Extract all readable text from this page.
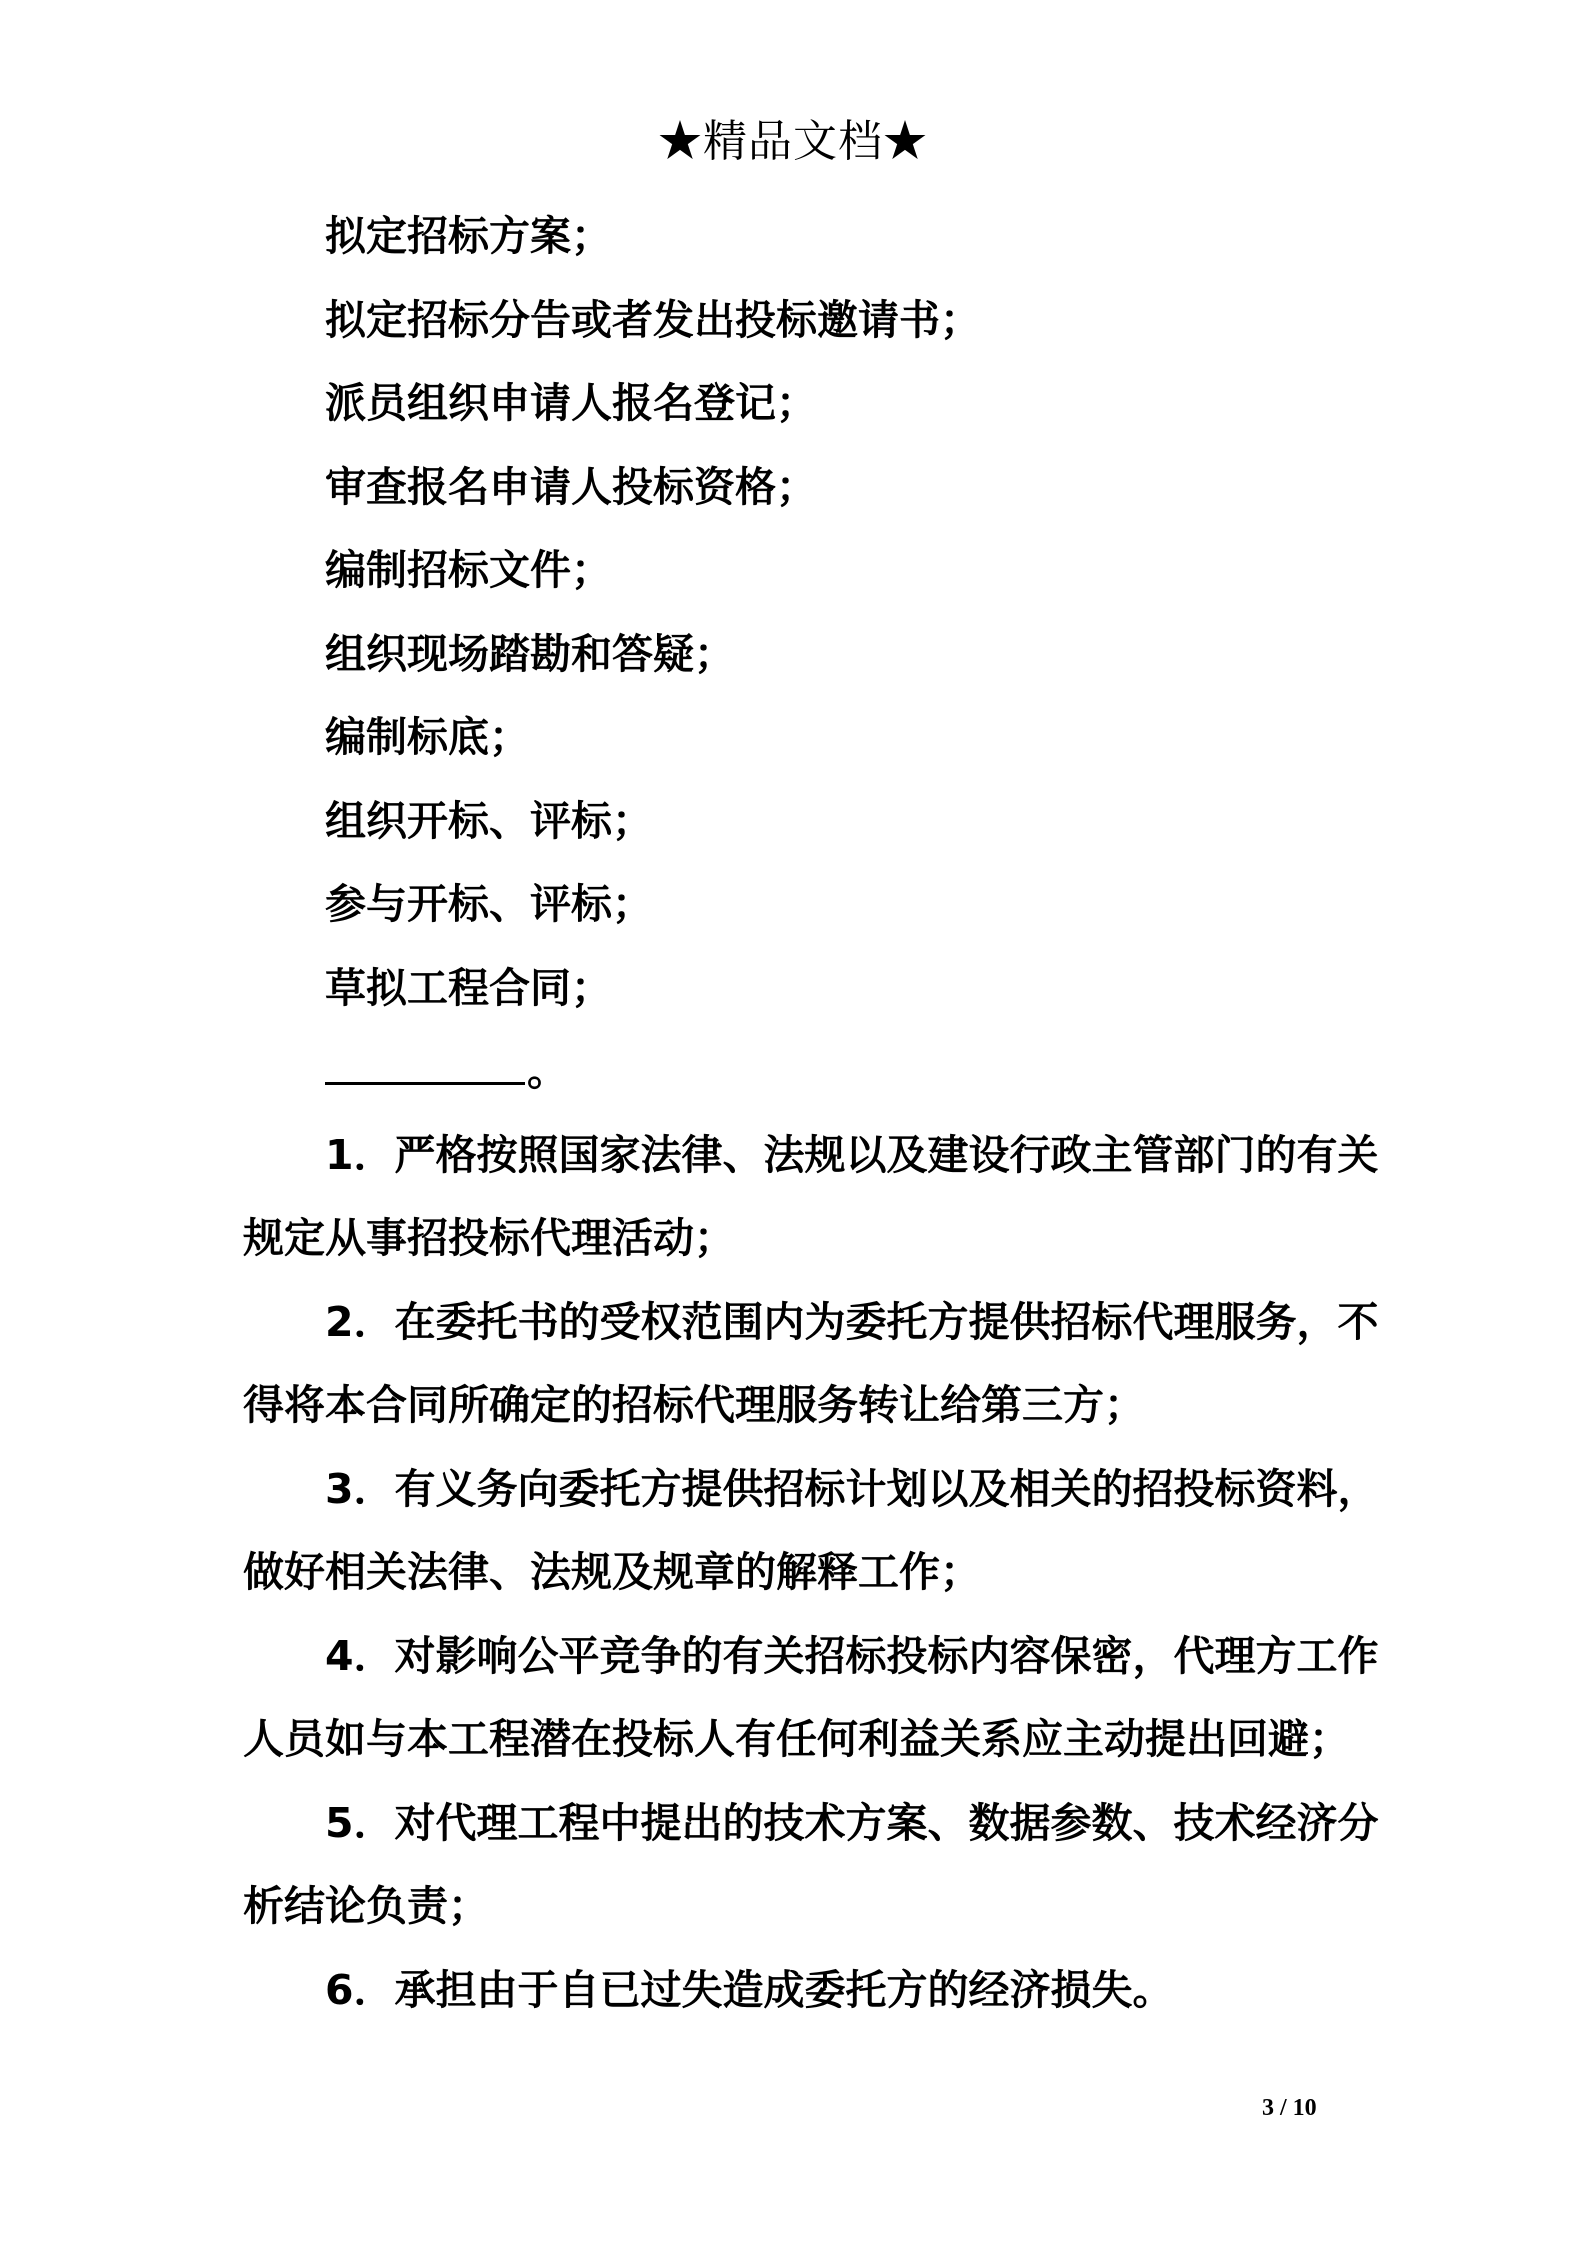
★精品文档★
拟定招标方案；
拟定招标分告或者发出投标邀请书；
派员组织申请人报名登记；
审查报名申请人投标资格；
编制招标文件；
组织现场踏勘和答疑；
编制标底；
组织开标、评标；
参与开标、评标；
草拟工程合同；
。
1．严格按照国家法律、法规以及建设行政主管部门的有关
规定从事招投标代理活动；
2．在委托书的受权范围内为委托方提供招标代理服务，不
得将本合同所确定的招标代理服务转让给第三方；
3．有义务向委托方提供招标计划以及相关的招投标资料，
做好相关法律、法规及规章的解释工作；
4．对影响公平竞争的有关招标投标内容保密，代理方工作
人员如与本工程潜在投标人有任何利益关系应主动提出回避；
5．对代理工程中提出的技术方案、数据参数、技术经济分
析结论负责；
6．承担由于自已过失造成委托方的经济损失。
3 / 10
